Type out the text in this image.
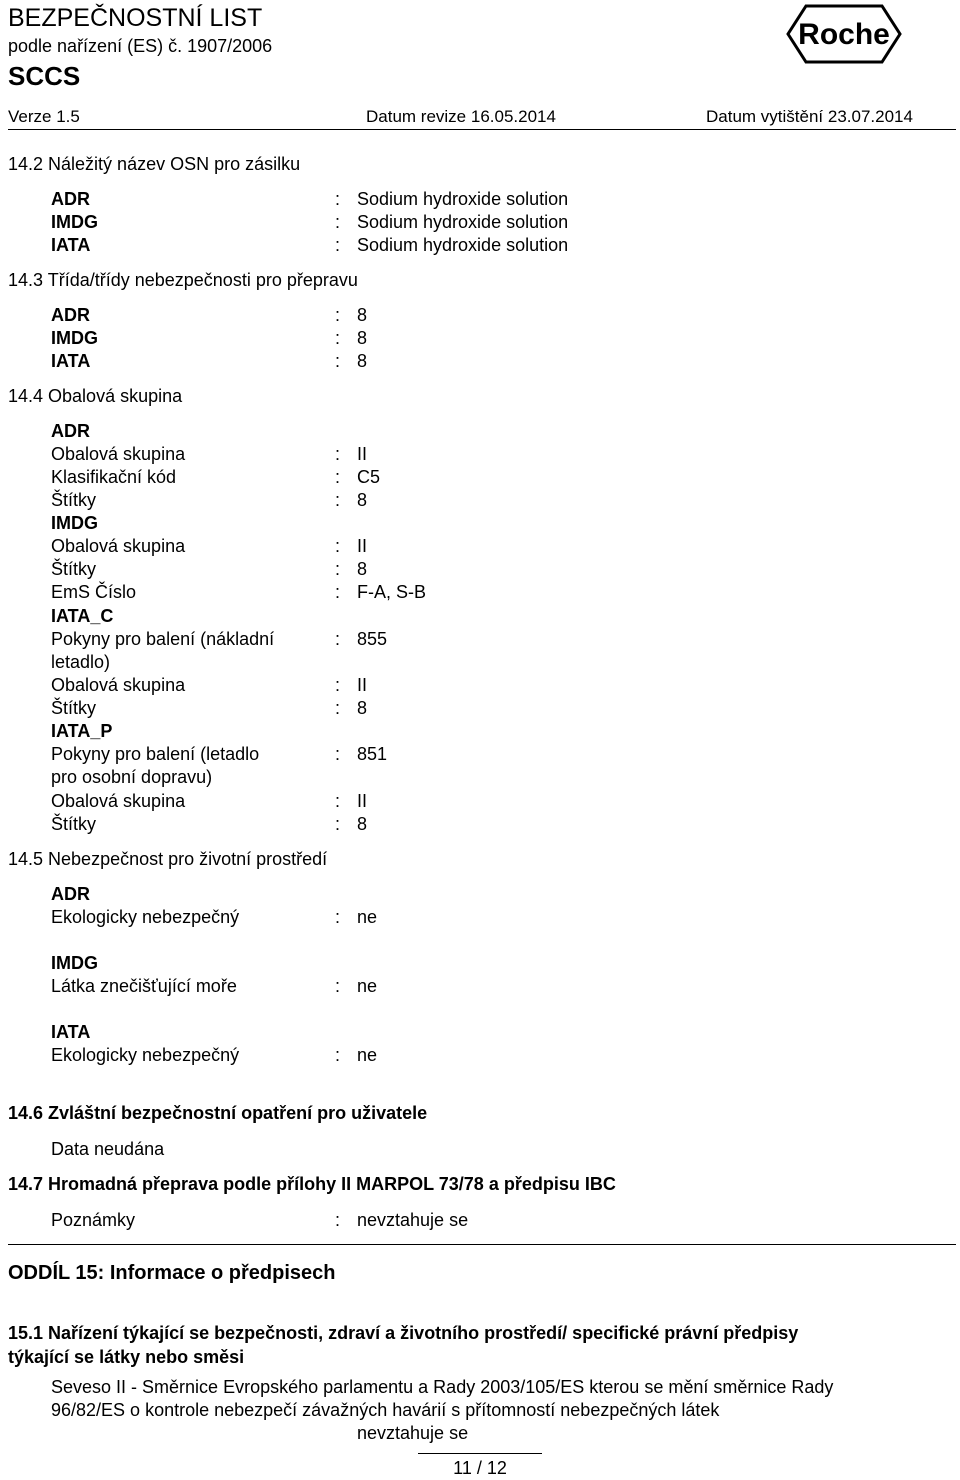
BEZPEČNOSTNÍ LIST
podle nařízení (ES) č. 1907/2006
SCCS
Roche
Verze 1.5	Datum revize 16.05.2014	Datum vytištění 23.07.2014
14.2 Náležitý název OSN pro zásilku
ADR	: Sodium hydroxide solution
IMDG	: Sodium hydroxide solution
IATA	: Sodium hydroxide solution
14.3 Třída/třídy nebezpečnosti pro přepravu
ADR	: 8
IMDG	: 8
IATA	: 8
14.4 Obalová skupina
ADR
Obalová skupina	: II
Klasifikační kód	: C5
Štítky	: 8
IMDG
Obalová skupina	: II
Štítky	: 8
EmS Číslo	: F-A, S-B
IATA_C
Pokyny pro balení (nákladní
letadlo)
: 855
Obalová skupina	: II
Štítky	: 8
IATA_P
Pokyny pro balení (letadlo
pro osobní dopravu)
: 851
Obalová skupina	: II
Štítky	: 8
14.5 Nebezpečnost pro životní prostředí
ADR
Ekologicky nebezpečný	: ne
IMDG
Látka znečišťující moře	: ne
IATA
Ekologicky nebezpečný	: ne
14.6 Zvláštní bezpečnostní opatření pro uživatele
Data neudána
14.7 Hromadná přeprava podle přílohy II MARPOL 73/78 a předpisu IBC
Poznámky	: nevztahuje se
ODDÍL 15: Informace o předpisech
15.1 Nařízení týkající se bezpečnosti, zdraví a životního prostředí/ specifické právní předpisy
týkající se látky nebo směsi
Seveso II - Směrnice Evropského parlamentu a Rady 2003/105/ES kterou se mění směrnice Rady
96/82/ES o kontrole nebezpečí závažných havárií s přítomností nebezpečných látek
nevztahuje se
11 / 12
